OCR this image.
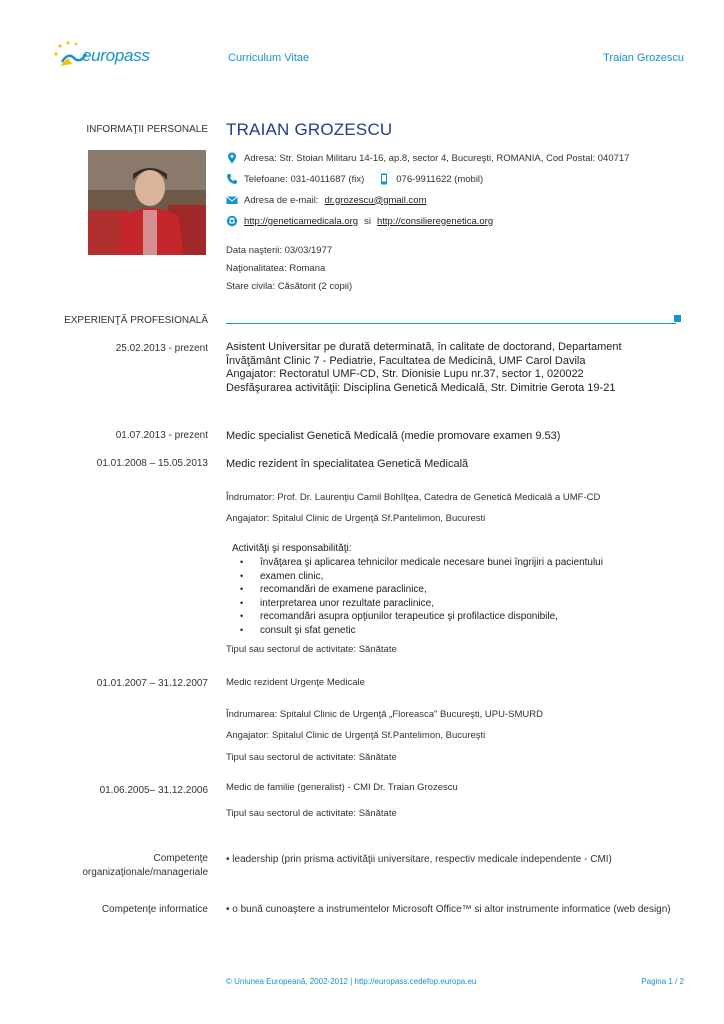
europass	Curriculum Vitae	Traian Grozescu
INFORMAŢII PERSONALE TRAIAN GROZESCU
Adresa: Str. Stoian Militaru 14-16, ap.8, sector 4, Bucureşti, ROMANIA, Cod Postal: 040717
Telefoane: 031-4011687 (fix)	076-9911622 (mobil)
Adresa de e-mail: dr.grozescu@gmail.com
http://geneticamedicala.org si http://consilieregenetica.org
Data naşterii: 03/03/1977
Naţionalitatea: Romana
Stare civila: Căsătorit (2 copii)
EXPERIENŢĂ PROFESIONALĂ
25.02.2013 - prezent Asistent Universitar pe durată determinată, în calitate de doctorand, Departament
Învăţământ Clinic 7 - Pediatrie, Facultatea de Medicină, UMF Carol Davila
Angajator: Rectoratul UMF-CD, Str. Dionisie Lupu nr.37, sector 1, 020022
Desfăşurarea activităţii: Disciplina Genetică Medicală, Str. Dimitrie Gerota 19-21
01.07.2013 - prezent Medic specialist Genetică Medicală (medie promovare examen 9.53)
01.01.2008 – 15.05.2013 Medic rezident în specialitatea Genetică Medicală
Îndrumator: Prof. Dr. Laurenţiu Camil Bohîlţea, Catedra de Genetică Medicală a UMF-CD
Angajator: Spitalul Clinic de Urgenţă Sf.Pantelimon, Bucuresti
Activităţi şi responsabilităţi:
• învăţarea şi aplicarea tehnicilor medicale necesare bunei îngrijiri a pacientului
• examen clinic,
• recomandări de examene paraclinice,
• interpretarea unor rezultate paraclinice,
• recomandări asupra opţiunilor terapeutice şi profilactice disponibile,
• consult şi sfat genetic
Tipul sau sectorul de activitate: Sănătate
01.01.2007 – 31.12.2007 Medic rezident Urgenţe Medicale
Îndrumarea: Spitalul Clinic de Urgenţă „Floreasca" Bucureşti, UPU-SMURD
Angajator: Spitalul Clinic de Urgenţă Sf.Pantelimon, Bucureşti
Tipul sau sectorul de activitate: Sănătate
01.06.2005– 31.12.2006 Medic de familie (generalist) - CMI Dr. Traian Grozescu
Tipul sau sectorul de activitate: Sănătate
Competenţe
organizaţionale/manageriale
• leadership (prin prisma activităţii universitare, respectiv medicale independente - CMI)
Competenţe informatice • o bună cunoaştere a instrumentelor Microsoft Office™ si altor instrumente informatice (web design)
© Uniunea Europeană, 2002-2012 | http://europass.cedefop.europa.eu	Pagina 1 / 2
